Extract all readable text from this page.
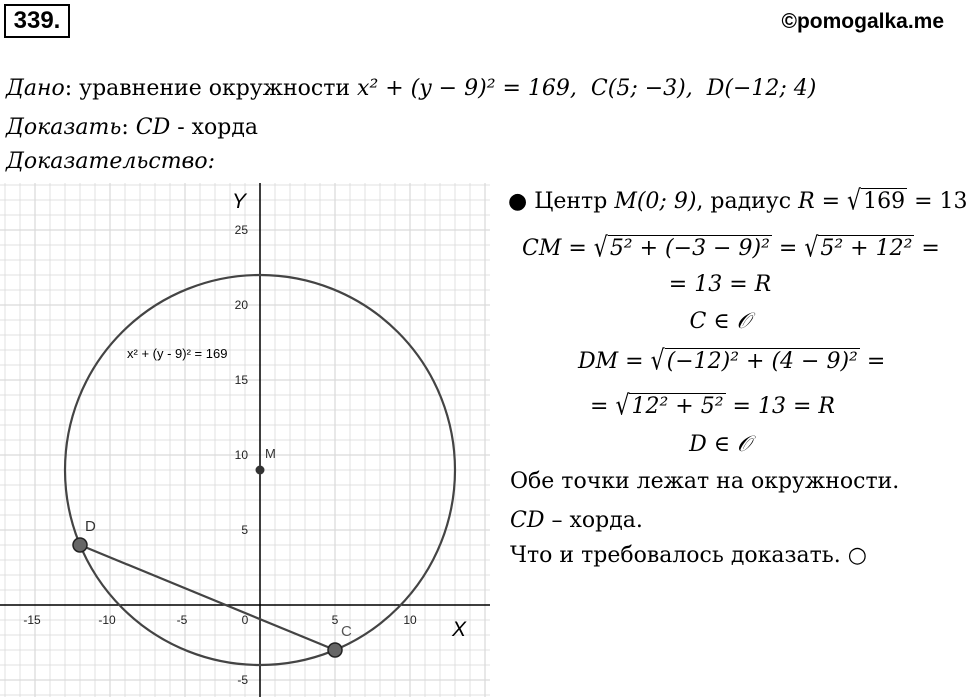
339.	©pomogalka.me
Дано: уравнение окружности x² + (y − 9)² = 169, C(5; −3), D(−12; 4)
Доказать: CD - хорда
Доказательство:
● Центр M(0; 9), радиус R = √169 = 13
CM = √5² + (−3 − 9)² = √5² + 12² =
= 13 = R
C ∈ 𝒪
DM = √(−12)² + (4 − 9)² =
= √12² + 5² = 13 = R
D ∈ 𝒪
Обе точки лежат на окружности.
CD – хорда.
Что и требовалось доказать. ○
-15	-10	-5	0	5	10
25
20
15
10
5
-5
M
D
C
x² + (y - 9)² = 169
X
Y
